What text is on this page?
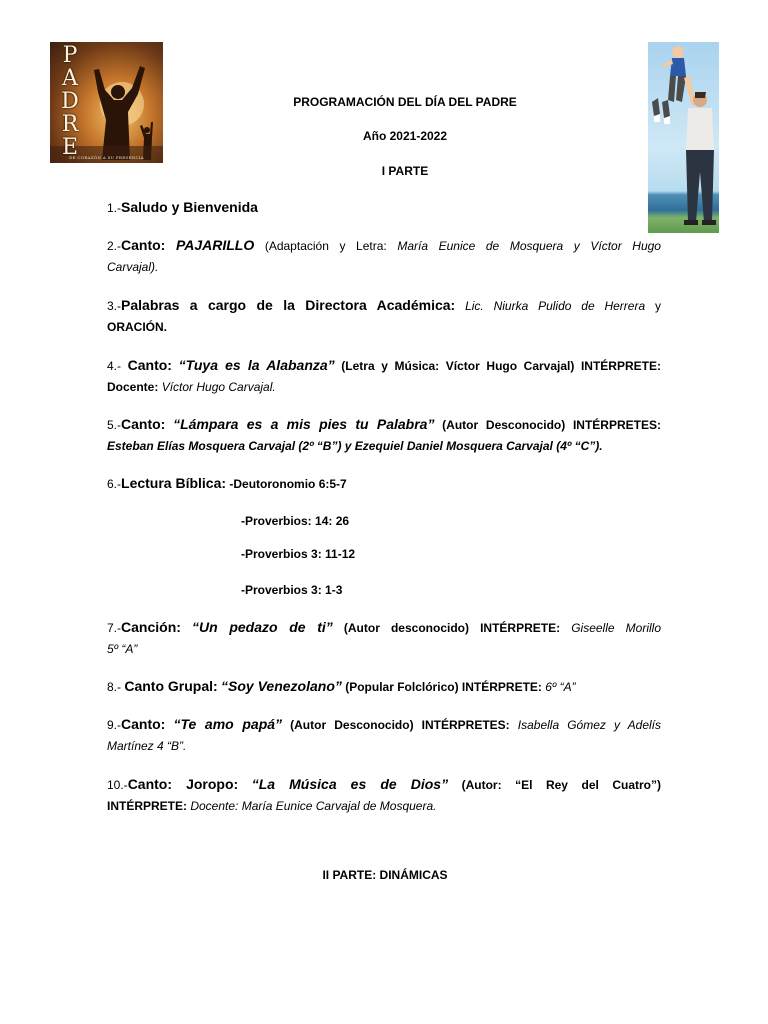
P
A
D
R
E
DE CORAZÓN A SU PRESENCIA
PROGRAMACIÓN DEL DÍA DEL PADRE
Año 2021-2022
I PARTE
1.-Saludo y Bienvenida
2.-Canto: PAJARILLO (Adaptación y Letra: María Eunice de Mosquera y Víctor Hugo
Carvajal).
3.-Palabras a cargo de la Directora Académica: Lic. Niurka Pulido de Herrera y
ORACIÓN.
4.- Canto: “Tuya es la Alabanza” (Letra y Música: Víctor Hugo Carvajal) INTÉRPRETE:
Docente: Víctor Hugo Carvajal.
5.-Canto: “Lámpara es a mis pies tu Palabra” (Autor Desconocido) INTÉRPRETES:
Esteban Elías Mosquera Carvajal (2º “B”) y Ezequiel Daniel Mosquera Carvajal (4º “C”).
6.-Lectura Bíblica: -Deutoronomio 6:5-7
-Proverbios: 14: 26
-Proverbios 3: 11-12
-Proverbios 3: 1-3
7.-Canción: “Un pedazo de ti” (Autor desconocido) INTÉRPRETE: Giseelle Morillo
5º “A”
8.- Canto Grupal: “Soy Venezolano” (Popular Folclórico) INTÉRPRETE: 6º “A”
9.-Canto: “Te amo papá” (Autor Desconocido) INTÉRPRETES: Isabella Gómez y Adelís
Martínez 4 “B”.
10.-Canto: Joropo: “La Música es de Dios” (Autor: “El Rey del Cuatro”)
INTÉRPRETE: Docente: María Eunice Carvajal de Mosquera.
II PARTE: DINÁMICAS
